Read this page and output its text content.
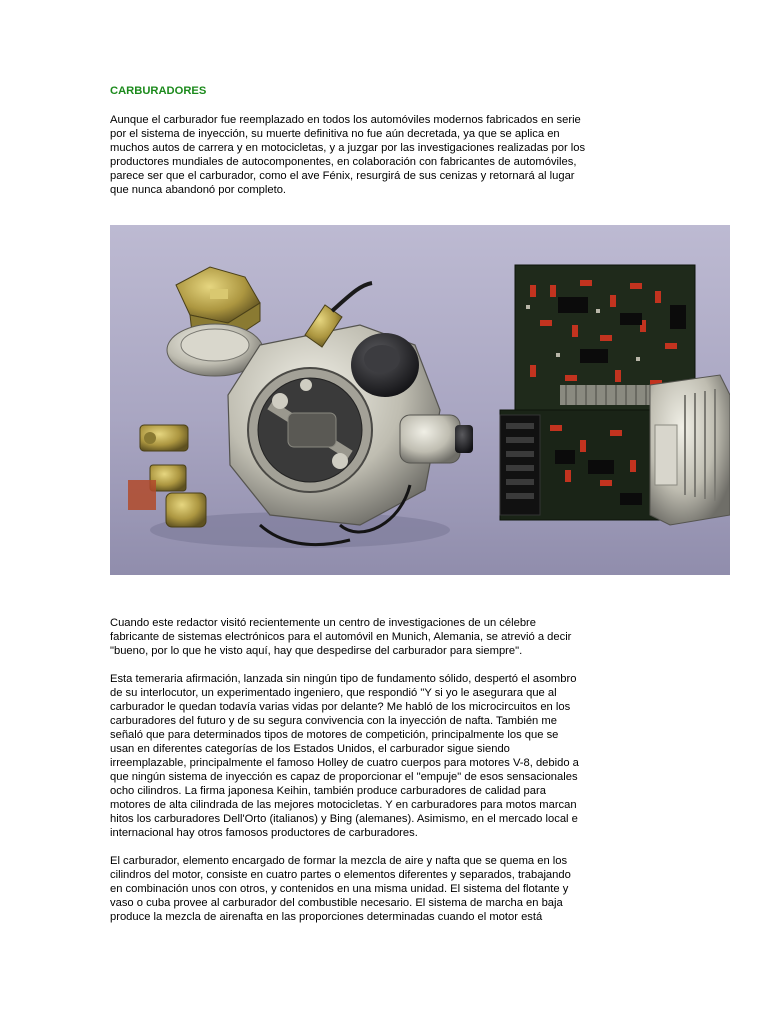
CARBURADORES

Aunque el carburador fue reemplazado en todos los automóviles modernos fabricados en serie
por el sistema de inyección, su muerte definitiva no fue aún decretada, ya que se aplica en
muchos autos de carrera y en motocicletas, y a juzgar por las investigaciones realizadas por los
productores mundiales de autocomponentes, en colaboración con fabricantes de automóviles,
parece ser que el carburador, como el ave Fénix, resurgirá de sus cenizas y retornará al lugar
que nunca abandonó por completo.

Cuando este redactor visitó recientemente un centro de investigaciones de un célebre
fabricante de sistemas electrónicos para el automóvil en Munich, Alemania, se atrevió a decir
"bueno, por lo que he visto aquí, hay que despedirse del carburador para siempre".

Esta temeraria afirmación, lanzada sin ningún tipo de fundamento sólido, despertó el asombro
de su interlocutor, un experimentado ingeniero, que respondió "Y si yo le asegurara que al
carburador le quedan todavía varias vidas por delante? Me habló de los microcircuitos en los
carburadores del futuro y de su segura convivencia con la inyección de nafta. También me
señaló que para determinados tipos de motores de competición, principalmente los que se
usan en diferentes categorías de los Estados Unidos, el carburador sigue siendo
irreemplazable, principalmente el famoso Holley de cuatro cuerpos para motores V-8, debido a
que ningún sistema de inyección es capaz de proporcionar el "empuje" de esos sensacionales
ocho cilindros. La firma japonesa Keihin, también produce carburadores de calidad para
motores de alta cilindrada de las mejores motocicletas. Y en carburadores para motos marcan
hitos los carburadores Dell'Orto (italianos) y Bing (alemanes). Asimismo, en el mercado local e
internacional hay otros famosos productores de carburadores.

El carburador, elemento encargado de formar la mezcla de aire y nafta que se quema en los
cilindros del motor, consiste en cuatro partes o elementos diferentes y separados, trabajando
en combinación unos con otros, y contenidos en una misma unidad. El sistema del flotante y
vaso o cuba provee al carburador del combustible necesario. El sistema de marcha en baja
produce la mezcla de airenafta en las proporciones determinadas cuando el motor está
